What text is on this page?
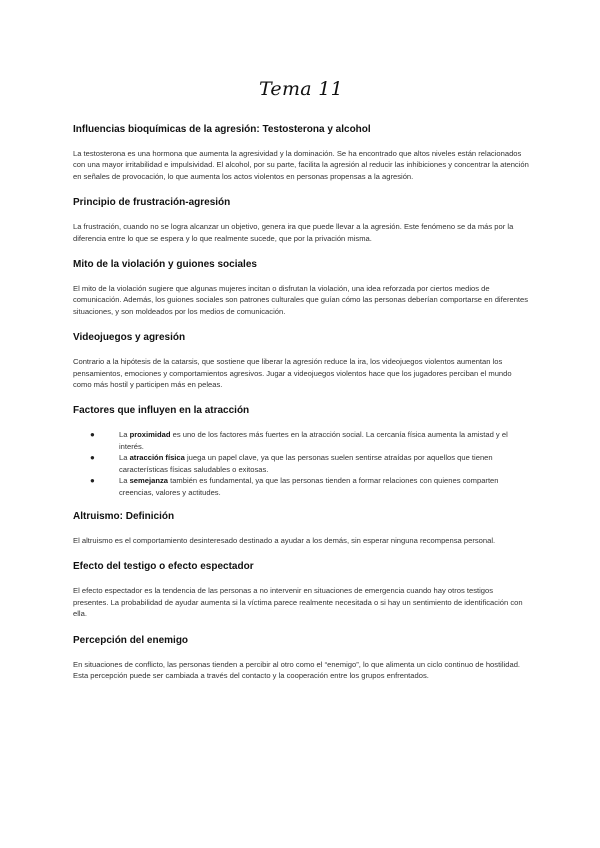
Tema 11
Influencias bioquímicas de la agresión: Testosterona y alcohol

La testosterona es una hormona que aumenta la agresividad y la dominación. Se ha encontrado que altos niveles están relacionados con una mayor irritabilidad e impulsividad. El alcohol, por su parte, facilita la agresión al reducir las inhibiciones y concentrar la atención en señales de provocación, lo que aumenta los actos violentos en personas propensas a la agresión.

Principio de frustración-agresión

La frustración, cuando no se logra alcanzar un objetivo, genera ira que puede llevar a la agresión. Este fenómeno se da más por la diferencia entre lo que se espera y lo que realmente sucede, que por la privación misma.

Mito de la violación y guiones sociales

El mito de la violación sugiere que algunas mujeres incitan o disfrutan la violación, una idea reforzada por ciertos medios de comunicación. Además, los guiones sociales son patrones culturales que guían cómo las personas deberían comportarse en diferentes situaciones, y son moldeados por los medios de comunicación.

Videojuegos y agresión

Contrario a la hipótesis de la catarsis, que sostiene que liberar la agresión reduce la ira, los videojuegos violentos aumentan los pensamientos, emociones y comportamientos agresivos. Jugar a videojuegos violentos hace que los jugadores perciban el mundo como más hostil y participen más en peleas.

Factores que influyen en la atracción
●	La proximidad es uno de los factores más fuertes en la atracción social. La cercanía física aumenta la amistad y el interés.
●	La atracción física juega un papel clave, ya que las personas suelen sentirse atraídas por aquellos que tienen características físicas saludables o exitosas.
●	La semejanza también es fundamental, ya que las personas tienden a formar relaciones con quienes comparten creencias, valores y actitudes.
Altruismo: Definición

El altruismo es el comportamiento desinteresado destinado a ayudar a los demás, sin esperar ninguna recompensa personal.

Efecto del testigo o efecto espectador

El efecto espectador es la tendencia de las personas a no intervenir en situaciones de emergencia cuando hay otros testigos presentes. La probabilidad de ayudar aumenta si la víctima parece realmente necesitada o si hay un sentimiento de identificación con ella.

Percepción del enemigo

En situaciones de conflicto, las personas tienden a percibir al otro como el “enemigo”, lo que alimenta un ciclo continuo de hostilidad. Esta percepción puede ser cambiada a través del contacto y la cooperación entre los grupos enfrentados.
